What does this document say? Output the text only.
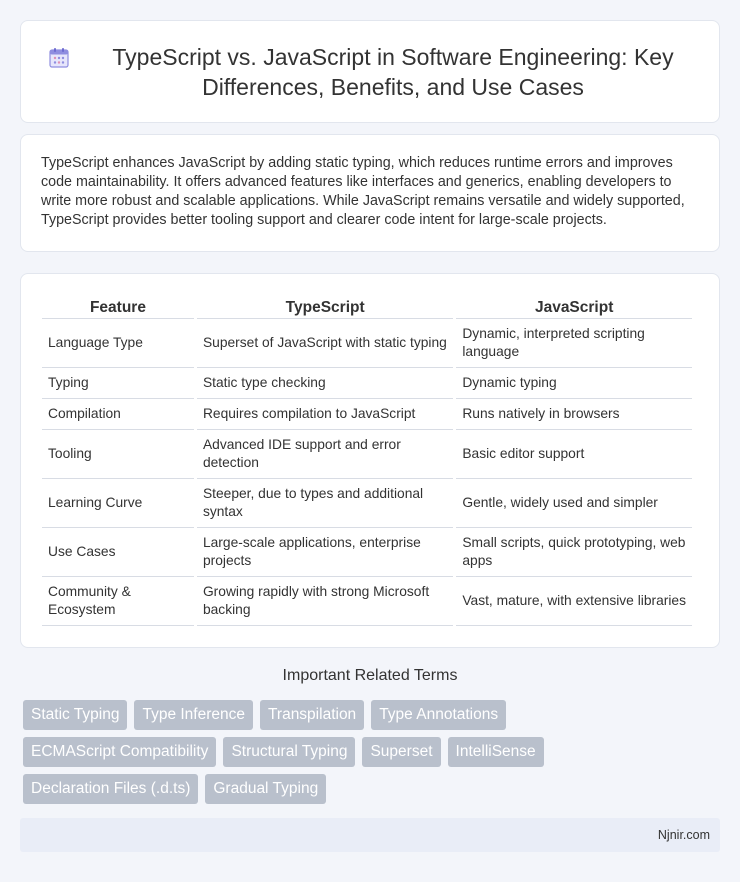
TypeScript vs. JavaScript in Software Engineering: Key Differences, Benefits, and Use Cases

TypeScript enhances JavaScript by adding static typing, which reduces runtime errors and improves code maintainability. It offers advanced features like interfaces and generics, enabling developers to write more robust and scalable applications. While JavaScript remains versatile and widely supported, TypeScript provides better tooling support and clearer code intent for large-scale projects.

Feature	TypeScript	JavaScript
Language Type	Superset of JavaScript with static typing	Dynamic, interpreted scripting language
Typing	Static type checking	Dynamic typing
Compilation	Requires compilation to JavaScript	Runs natively in browsers
Tooling	Advanced IDE support and error detection	Basic editor support
Learning Curve	Steeper, due to types and additional syntax	Gentle, widely used and simpler
Use Cases	Large-scale applications, enterprise projects	Small scripts, quick prototyping, web apps
Community & Ecosystem	Growing rapidly with strong Microsoft backing	Vast, mature, with extensive libraries
Important Related Terms
Static Typing	Type Inference	Transpilation	Type Annotations
ECMAScript Compatibility	Structural Typing	Superset	IntelliSense
Declaration Files (.d.ts)	Gradual Typing
Njnir.com
